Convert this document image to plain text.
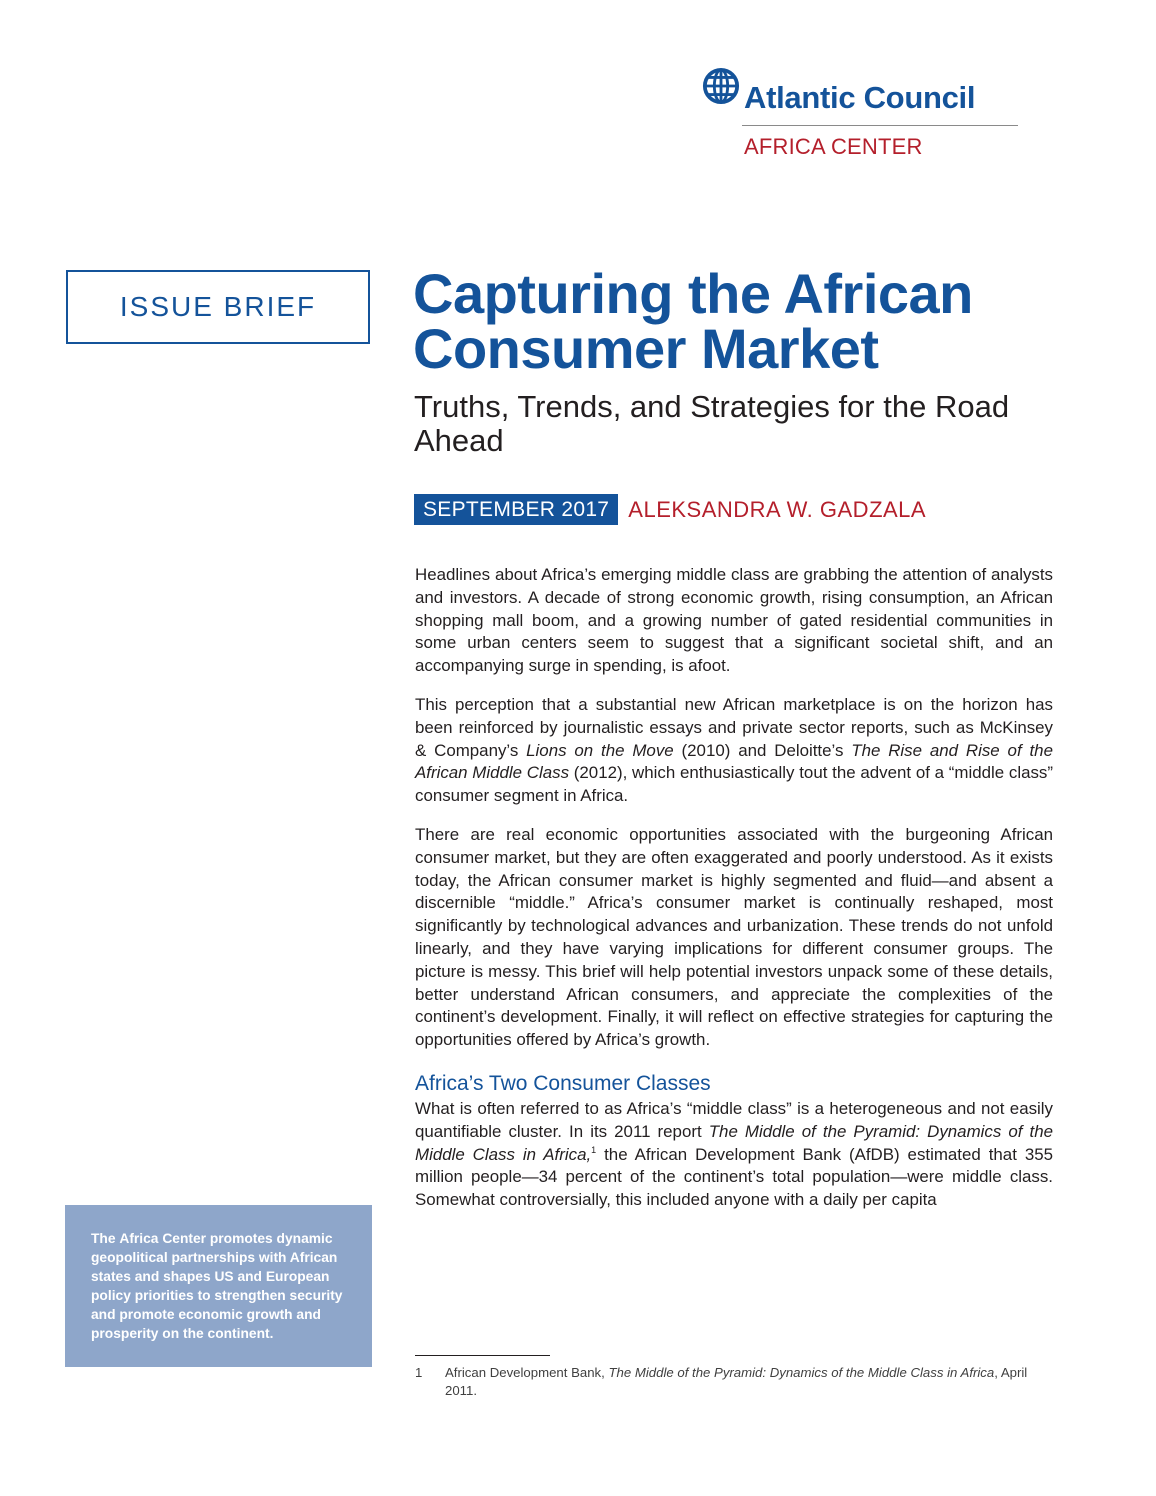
Atlantic Council
AFRICA CENTER
ISSUE BRIEF	Capturing the African Consumer Market

Truths, Trends, and Strategies for the Road Ahead

SEPTEMBER 2017 ALEKSANDRA W. GADZALA

Headlines about Africa’s emerging middle class are grabbing the attention of analysts and investors. A decade of strong economic growth, rising consumption, an African shopping mall boom, and a growing number of gated residential communities in some urban centers seem to suggest that a significant societal shift, and an accompanying surge in spending, is afoot.

This perception that a substantial new African marketplace is on the horizon has been reinforced by journalistic essays and private sector reports, such as McKinsey & Company’s Lions on the Move (2010) and Deloitte’s The Rise and Rise of the African Middle Class (2012), which enthusiastically tout the advent of a “middle class” consumer segment in Africa.

There are real economic opportunities associated with the burgeoning African consumer market, but they are often exaggerated and poorly understood. As it exists today, the African consumer market is highly segmented and fluid—and absent a discernible “middle.” Africa’s consumer market is continually reshaped, most significantly by technological advances and urbanization. These trends do not unfold linearly, and they have varying implications for different consumer groups. The picture is messy. This brief will help potential investors unpack some of these details, better understand African consumers, and appreciate the complexities of the continent’s development. Finally, it will reflect on effective strategies for capturing the opportunities offered by Africa’s growth.

Africa’s Two Consumer Classes

What is often referred to as Africa’s “middle class” is a heterogeneous and not easily quantifiable cluster. In its 2011 report The Middle of the Pyramid: Dynamics of the Middle Class in Africa,$^1$ the African Development Bank (AfDB) estimated that 355 million people—34 percent of the continent’s total population—were middle class. Somewhat controversially, this included anyone with a daily per capita

The Africa Center promotes dynamic geopolitical partnerships with African states and shapes US and European policy priorities to strengthen security and promote economic growth and prosperity on the continent.
1	African Development Bank, The Middle of the Pyramid: Dynamics of the Middle Class in Africa, April 2011.
